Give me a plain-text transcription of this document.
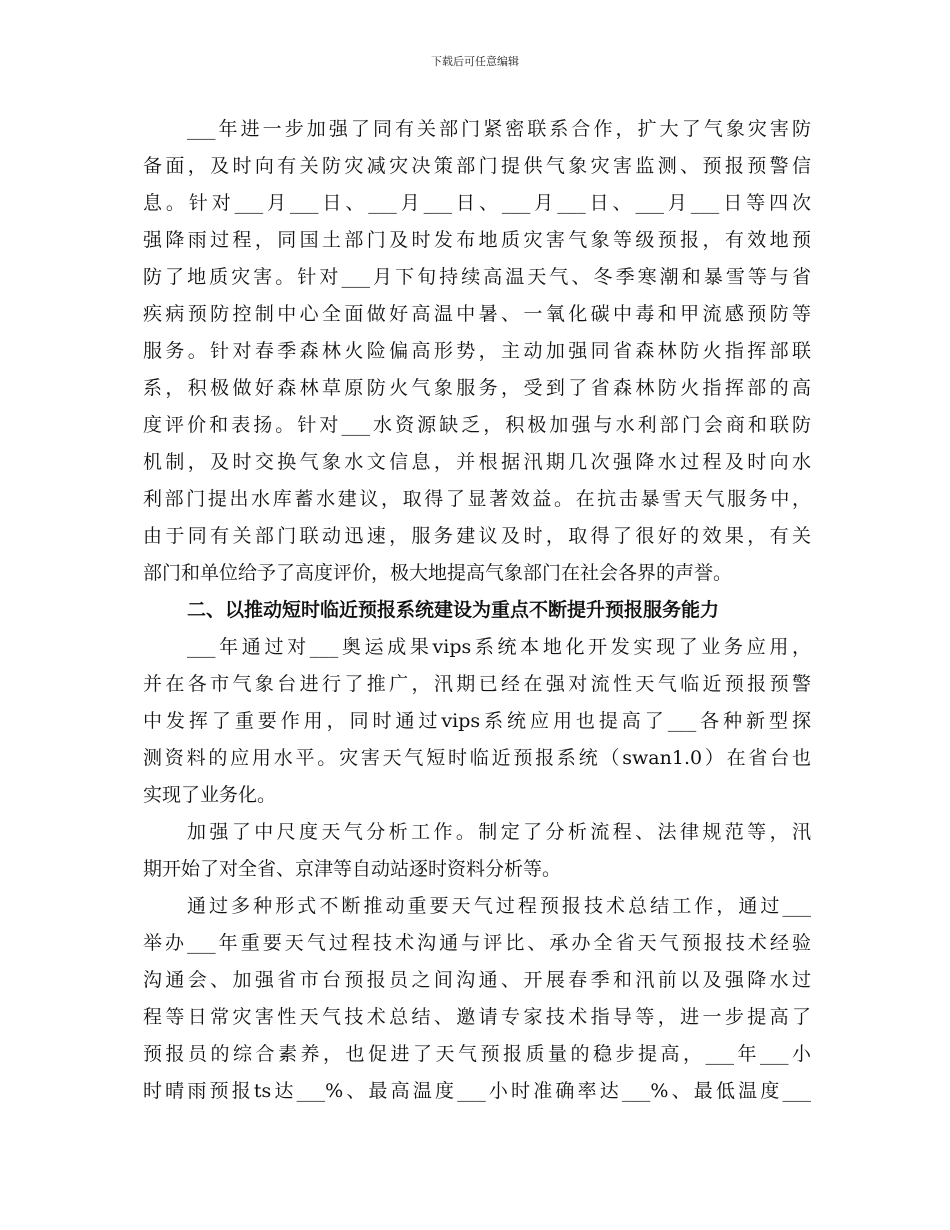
下载后可任意编辑
___年进一步加强了同有关部门紧密联系合作，扩大了气象灾害防
备面，及时向有关防灾减灾决策部门提供气象灾害监测、预报预警信
息。针对___月___日、___月___日、___月___日、___月___日等四次
强降雨过程，同国土部门及时发布地质灾害气象等级预报，有效地预
防了地质灾害。针对___月下旬持续高温天气、冬季寒潮和暴雪等与省
疾病预防控制中心全面做好高温中暑、一氧化碳中毒和甲流感预防等
服务。针对春季森林火险偏高形势，主动加强同省森林防火指挥部联
系，积极做好森林草原防火气象服务，受到了省森林防火指挥部的高
度评价和表扬。针对___水资源缺乏，积极加强与水利部门会商和联防
机制，及时交换气象水文信息，并根据汛期几次强降水过程及时向水
利部门提出水库蓄水建议，取得了显著效益。在抗击暴雪天气服务中，
由于同有关部门联动迅速，服务建议及时，取得了很好的效果，有关
部门和单位给予了高度评价，极大地提高气象部门在社会各界的声誉。
二、以推动短时临近预报系统建设为重点不断提升预报服务能力
___年通过对___奥运成果vips系统本地化开发实现了业务应用，
并在各市气象台进行了推广，汛期已经在强对流性天气临近预报预警
中发挥了重要作用，同时通过vips系统应用也提高了___各种新型探
测资料的应用水平。灾害天气短时临近预报系统（swan1.0）在省台也
实现了业务化。
加强了中尺度天气分析工作。制定了分析流程、法律规范等，汛
期开始了对全省、京津等自动站逐时资料分析等。
通过多种形式不断推动重要天气过程预报技术总结工作，通过___
举办___年重要天气过程技术沟通与评比、承办全省天气预报技术经验
沟通会、加强省市台预报员之间沟通、开展春季和汛前以及强降水过
程等日常灾害性天气技术总结、邀请专家技术指导等，进一步提高了
预报员的综合素养，也促进了天气预报质量的稳步提高，___年___小
时晴雨预报ts达___%、最高温度___小时准确率达___%、最低温度___
